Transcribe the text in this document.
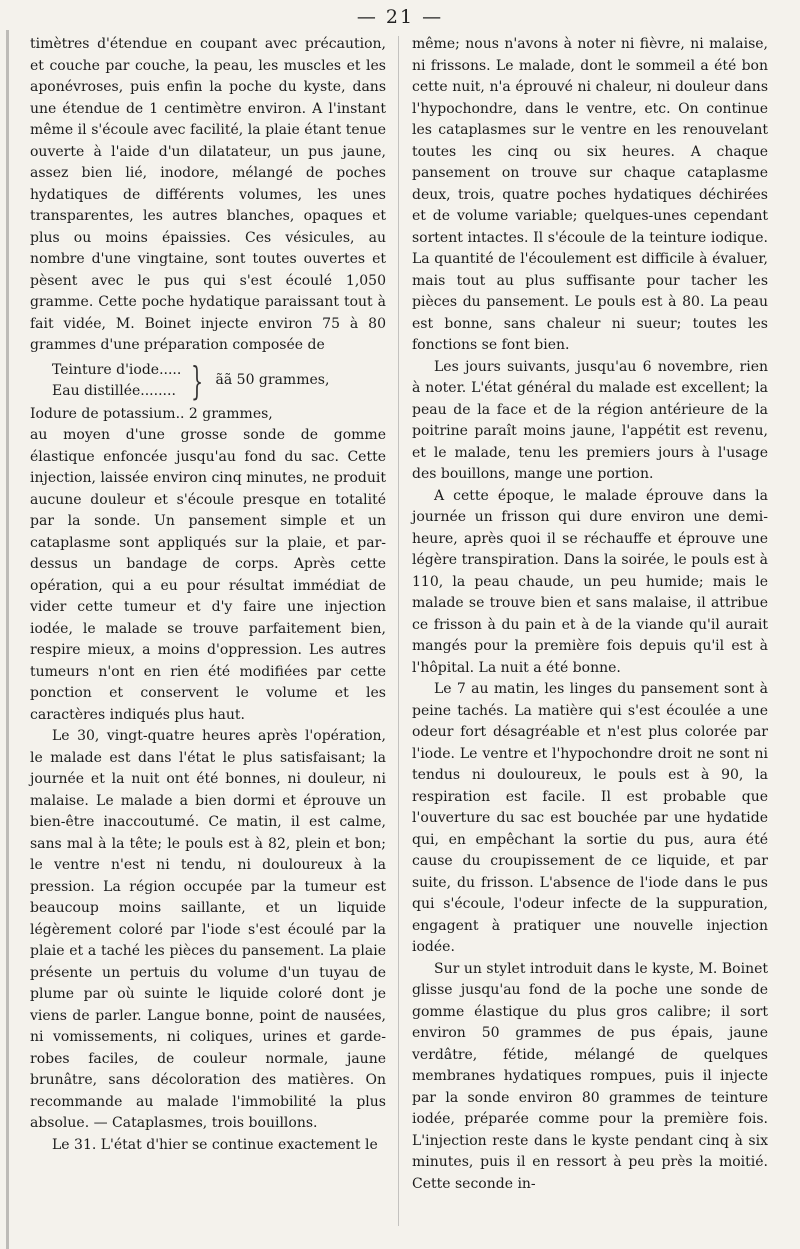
— 21 —

timètres d'étendue en coupant avec précaution, et couche par couche, la peau, les muscles et les aponévroses, puis enfin la poche du kyste, dans une étendue de 1 centimètre environ. A l'instant même il s'écoule avec facilité, la plaie étant tenue ouverte à l'aide d'un dilatateur, un pus jaune, assez bien lié, inodore, mélangé de poches hydatiques de différents volumes, les unes transparentes, les autres blanches, opaques et plus ou moins épaissies. Ces vésicules, au nombre d'une vingtaine, sont toutes ouvertes et pèsent avec le pus qui s'est écoulé 1,050 gramme. Cette poche hydatique paraissant tout à fait vidée, M. Boinet injecte environ 75 à 80 grammes d'une préparation composée de

Teinture d'iode.....
Eau distillée........ } ãã 50 grammes,

Iodure de potassium.. 2 grammes,

au moyen d'une grosse sonde de gomme élastique enfoncée jusqu'au fond du sac. Cette injection, laissée environ cinq minutes, ne produit aucune douleur et s'écoule presque en totalité par la sonde. Un pansement simple et un cataplasme sont appliqués sur la plaie, et par-dessus un bandage de corps. Après cette opération, qui a eu pour résultat immédiat de vider cette tumeur et d'y faire une injection iodée, le malade se trouve parfaitement bien, respire mieux, a moins d'oppression. Les autres tumeurs n'ont en rien été modifiées par cette ponction et conservent le volume et les caractères indiqués plus haut.

Le 30, vingt-quatre heures après l'opération, le malade est dans l'état le plus satisfaisant; la journée et la nuit ont été bonnes, ni douleur, ni malaise. Le malade a bien dormi et éprouve un bien-être inaccoutumé. Ce matin, il est calme, sans mal à la tête; le pouls est à 82, plein et bon; le ventre n'est ni tendu, ni douloureux à la pression. La région occupée par la tumeur est beaucoup moins saillante, et un liquide légèrement coloré par l'iode s'est écoulé par la plaie et a taché les pièces du pansement. La plaie présente un pertuis du volume d'un tuyau de plume par où suinte le liquide coloré dont je viens de parler. Langue bonne, point de nausées, ni vomissements, ni coliques, urines et garde-robes faciles, de couleur normale, jaune brunâtre, sans décoloration des matières. On recommande au malade l'immobilité la plus absolue. — Cataplasmes, trois bouillons.

Le 31. L'état d'hier se continue exactement le

même; nous n'avons à noter ni fièvre, ni malaise, ni frissons. Le malade, dont le sommeil a été bon cette nuit, n'a éprouvé ni chaleur, ni douleur dans l'hypochondre, dans le ventre, etc. On continue les cataplasmes sur le ventre en les renouvelant toutes les cinq ou six heures. A chaque pansement on trouve sur chaque cataplasme deux, trois, quatre poches hydatiques déchirées et de volume variable; quelques-unes cependant sortent intactes. Il s'écoule de la teinture iodique. La quantité de l'écoulement est difficile à évaluer, mais tout au plus suffisante pour tacher les pièces du pansement. Le pouls est à 80. La peau est bonne, sans chaleur ni sueur; toutes les fonctions se font bien.

Les jours suivants, jusqu'au 6 novembre, rien à noter. L'état général du malade est excellent; la peau de la face et de la région antérieure de la poitrine paraît moins jaune, l'appétit est revenu, et le malade, tenu les premiers jours à l'usage des bouillons, mange une portion.

A cette époque, le malade éprouve dans la journée un frisson qui dure environ une demi-heure, après quoi il se réchauffe et éprouve une légère transpiration. Dans la soirée, le pouls est à 110, la peau chaude, un peu humide; mais le malade se trouve bien et sans malaise, il attribue ce frisson à du pain et à de la viande qu'il aurait mangés pour la première fois depuis qu'il est à l'hôpital. La nuit a été bonne.

Le 7 au matin, les linges du pansement sont à peine tachés. La matière qui s'est écoulée a une odeur fort désagréable et n'est plus colorée par l'iode. Le ventre et l'hypochondre droit ne sont ni tendus ni douloureux, le pouls est à 90, la respiration est facile. Il est probable que l'ouverture du sac est bouchée par une hydatide qui, en empêchant la sortie du pus, aura été cause du croupissement de ce liquide, et par suite, du frisson. L'absence de l'iode dans le pus qui s'écoule, l'odeur infecte de la suppuration, engagent à pratiquer une nouvelle injection iodée.

Sur un stylet introduit dans le kyste, M. Boinet glisse jusqu'au fond de la poche une sonde de gomme élastique du plus gros calibre; il sort environ 50 grammes de pus épais, jaune verdâtre, fétide, mélangé de quelques membranes hydatiques rompues, puis il injecte par la sonde environ 80 grammes de teinture iodée, préparée comme pour la première fois. L'injection reste dans le kyste pendant cinq à six minutes, puis il en ressort à peu près la moitié. Cette seconde in-
